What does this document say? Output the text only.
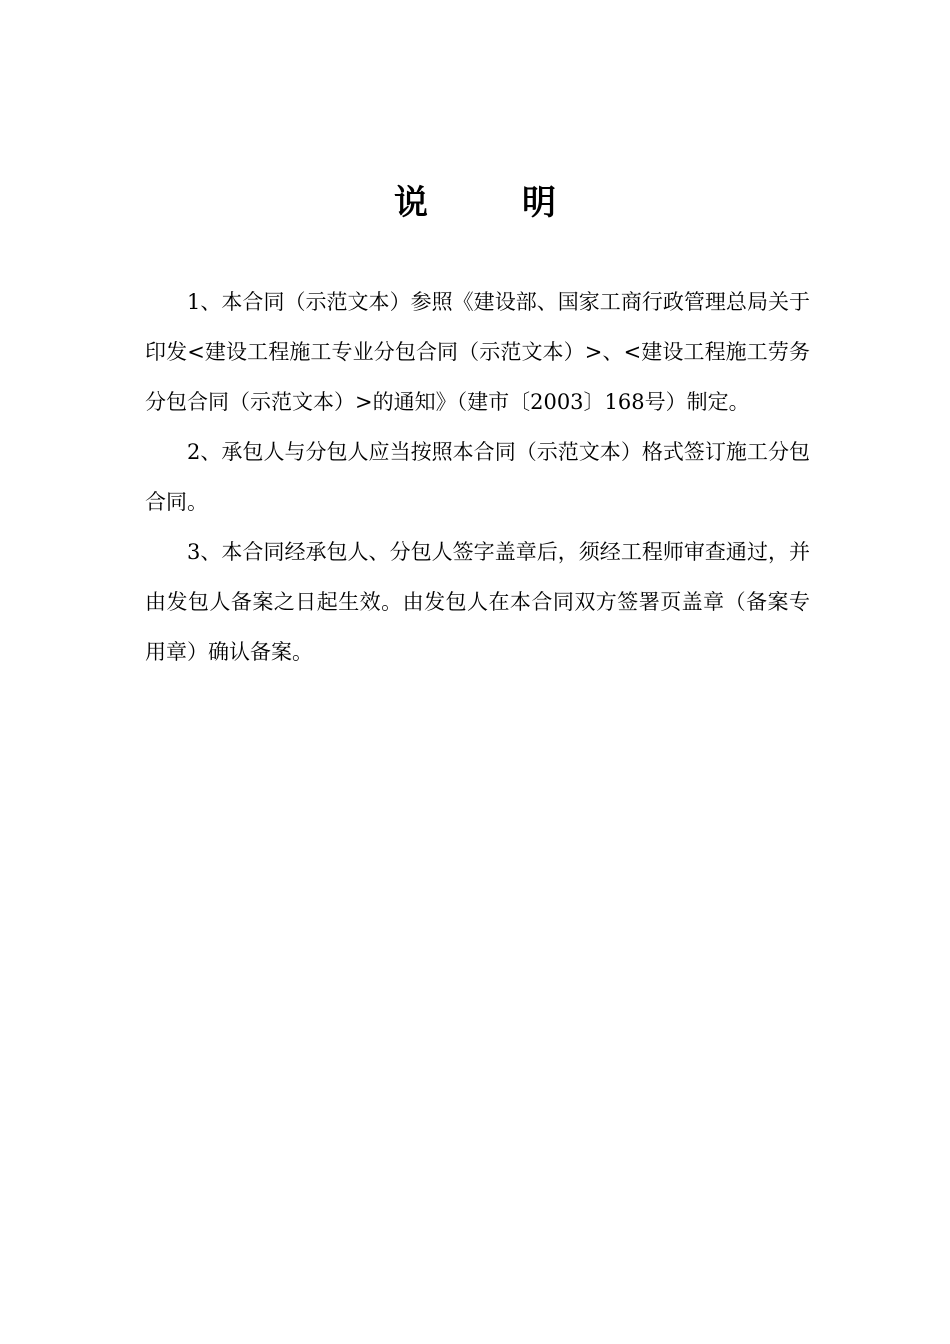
说　明

1、本合同（示范文本）参照《建设部、国家工商行政管理总局关于印发<建设工程施工专业分包合同（示范文本）>、<建设工程施工劳务分包合同（示范文本）>的通知》（建市〔2003〕168号）制定。

2、承包人与分包人应当按照本合同（示范文本）格式签订施工分包合同。

3、本合同经承包人、分包人签字盖章后，须经工程师审查通过，并由发包人备案之日起生效。由发包人在本合同双方签署页盖章（备案专用章）确认备案。
